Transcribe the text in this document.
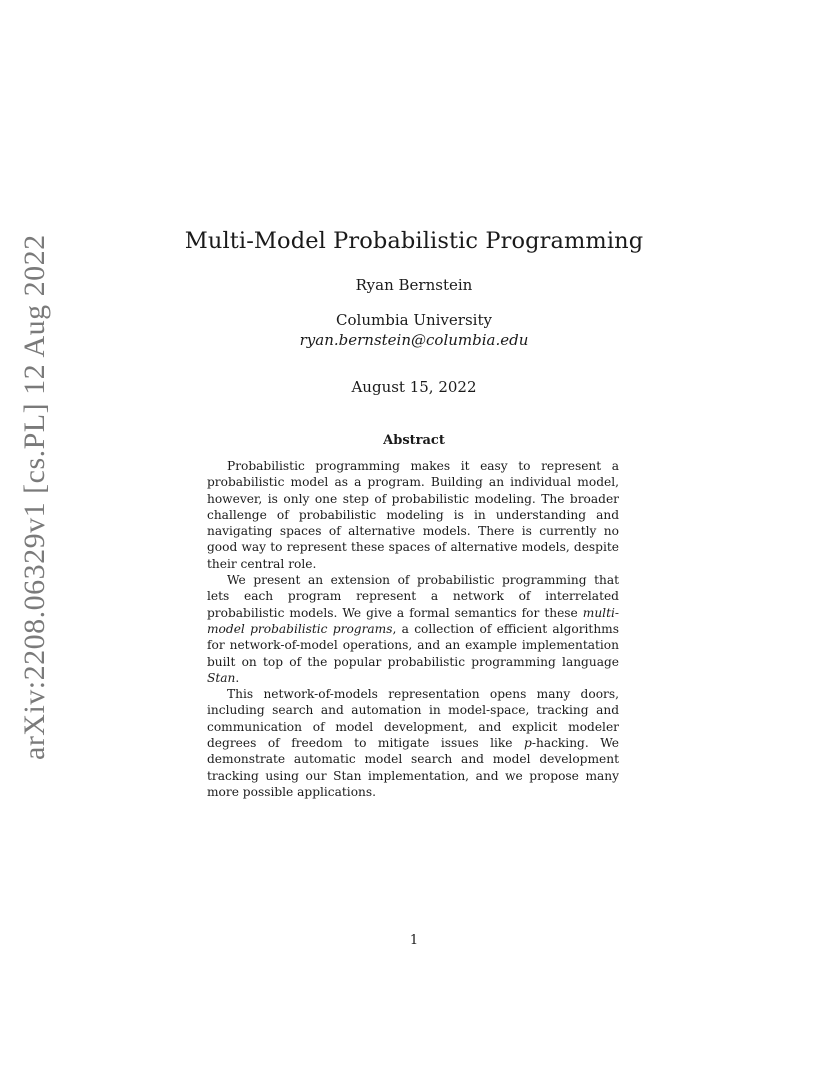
arXiv:2208.06329v1 [cs.PL] 12 Aug 2022	Multi-Model Probabilistic Programming
Ryan Bernstein
Columbia University
ryan.bernstein@columbia.edu
August 15, 2022
Abstract

Probabilistic programming makes it easy to represent a probabilistic model as a program. Building an individual model, however, is only one step of probabilistic modeling. The broader challenge of probabilistic modeling is in understanding and navigating spaces of alternative models. There is currently no good way to represent these spaces of alternative models, despite their central role.

We present an extension of probabilistic programming that lets each program represent a network of interrelated probabilistic models. We give a formal semantics for these multi-model probabilistic programs, a collection of efficient algorithms for network-of-model operations, and an example implementation built on top of the popular probabilistic programming language Stan.

This network-of-models representation opens many doors, including search and automation in model-space, tracking and communication of model development, and explicit modeler degrees of freedom to mitigate issues like p-hacking. We demonstrate automatic model search and model development tracking using our Stan implementation, and we propose many more possible applications.

1
